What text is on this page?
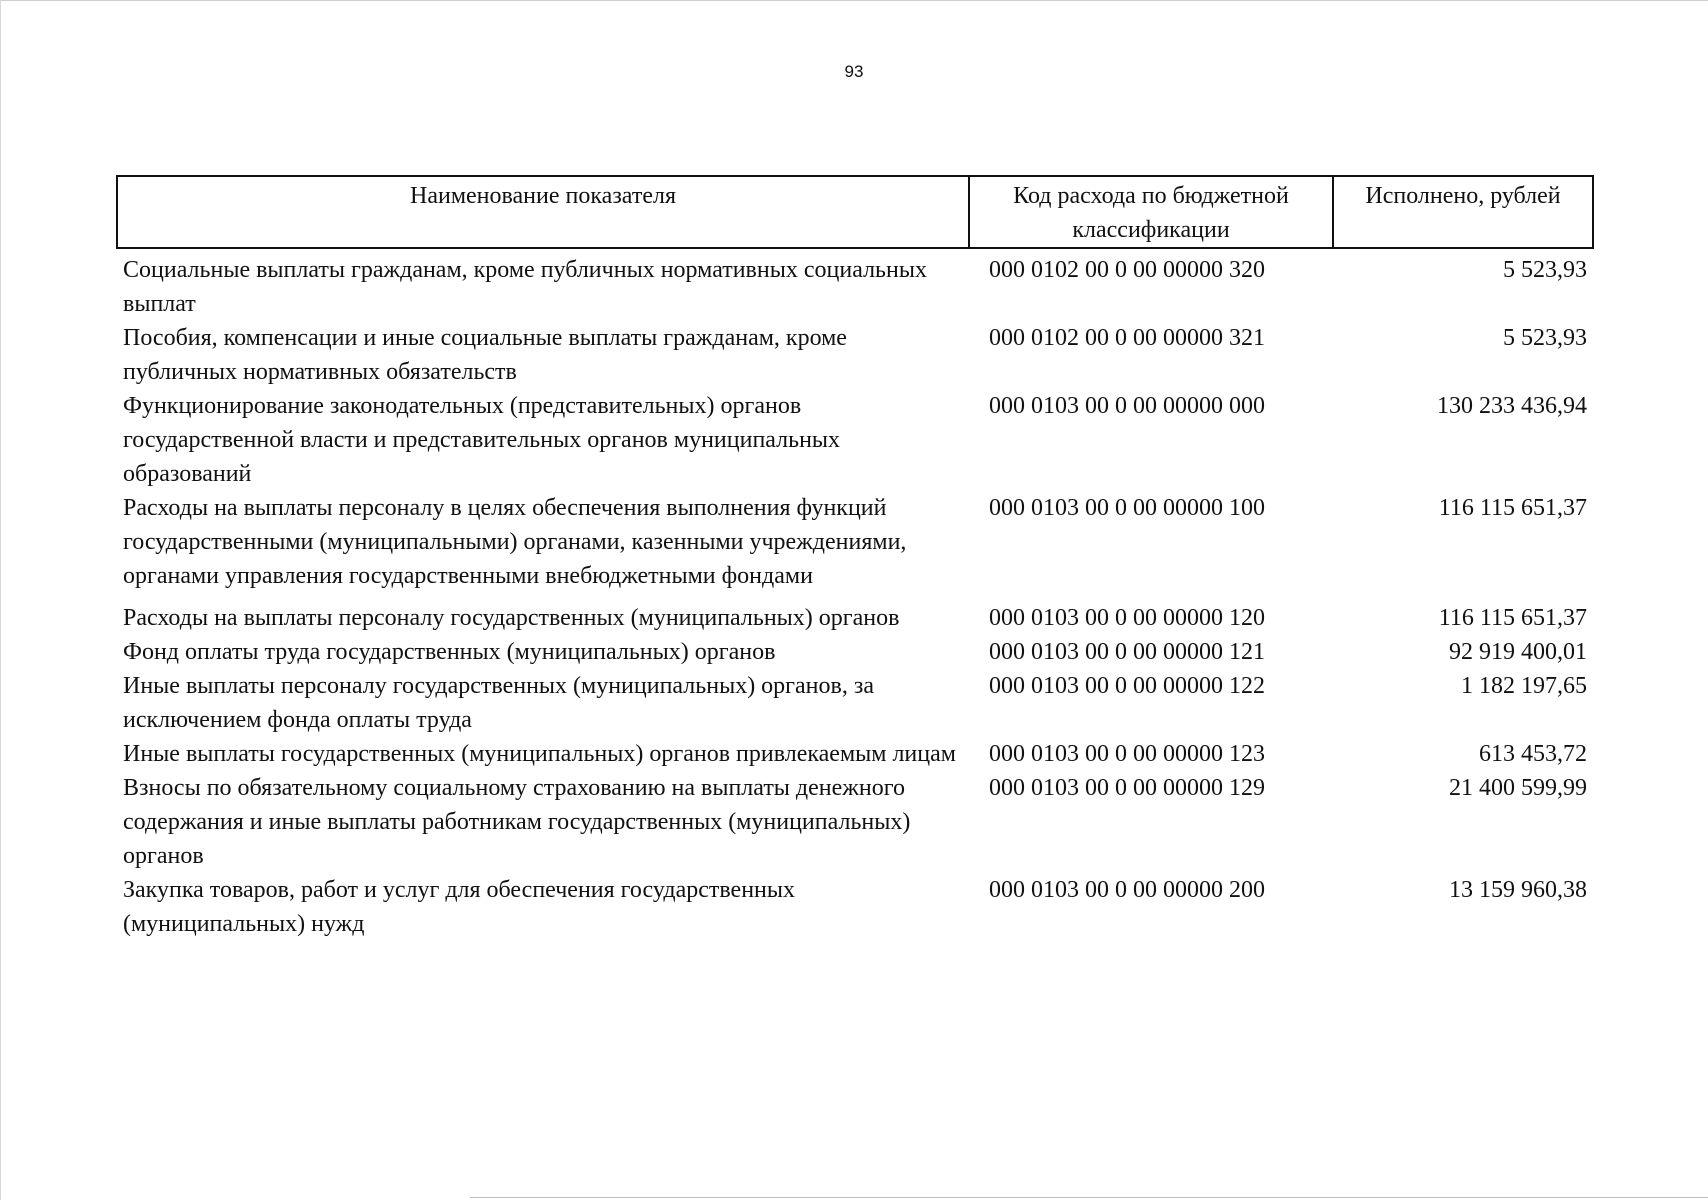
93
Наименование показателя	Код расхода по бюджетной классификации	Исполнено, рублей
Социальные выплаты гражданам, кроме публичных нормативных социальных выплат	000 0102 00 0 00 00000 320	5 523,93
Пособия, компенсации и иные социальные выплаты гражданам, кроме публичных нормативных обязательств	000 0102 00 0 00 00000 321	5 523,93
Функционирование законодательных (представительных) органов государственной власти и представительных органов муниципальных образований	000 0103 00 0 00 00000 000	130 233 436,94
Расходы на выплаты персоналу в целях обеспечения выполнения функций государственными (муниципальными) органами, казенными учреждениями, органами управления государственными внебюджетными фондами	000 0103 00 0 00 00000 100	116 115 651,37
Расходы на выплаты персоналу государственных (муниципальных) органов	000 0103 00 0 00 00000 120	116 115 651,37
Фонд оплаты труда государственных (муниципальных) органов	000 0103 00 0 00 00000 121	92 919 400,01
Иные выплаты персоналу государственных (муниципальных) органов, за исключением фонда оплаты труда	000 0103 00 0 00 00000 122	1 182 197,65
Иные выплаты государственных (муниципальных) органов привлекаемым лицам	000 0103 00 0 00 00000 123	613 453,72
Взносы по обязательному социальному страхованию на выплаты денежного содержания и иные выплаты работникам государственных (муниципальных) органов	000 0103 00 0 00 00000 129	21 400 599,99
Закупка товаров, работ и услуг для обеспечения государственных (муниципальных) нужд	000 0103 00 0 00 00000 200	13 159 960,38
